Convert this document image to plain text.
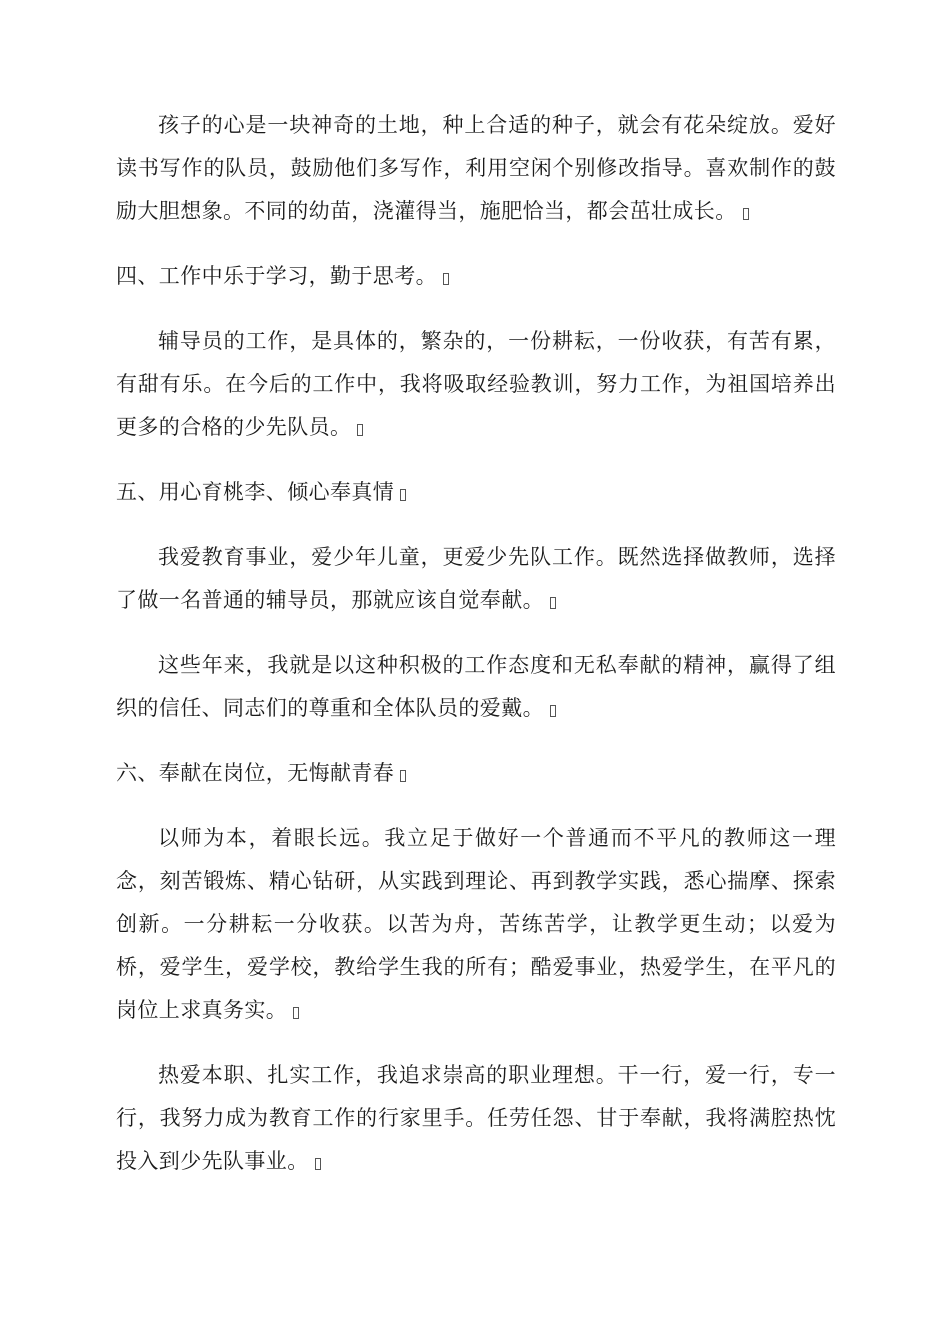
孩子的心是一块神奇的土地，种上合适的种子，就会有花朵绽放。爱好读书写作的队员，鼓励他们多写作，利用空闲个别修改指导。喜欢制作的鼓励大胆想象。不同的幼苗，浇灌得当，施肥恰当，都会茁壮成长。

四、工作中乐于学习，勤于思考。

辅导员的工作，是具体的，繁杂的，一份耕耘，一份收获，有苦有累，有甜有乐。在今后的工作中，我将吸取经验教训，努力工作，为祖国培养出更多的合格的少先队员。

五、用心育桃李、倾心奉真情

我爱教育事业，爱少年儿童，更爱少先队工作。既然选择做教师，选择了做一名普通的辅导员，那就应该自觉奉献。

这些年来，我就是以这种积极的工作态度和无私奉献的精神，赢得了组织的信任、同志们的尊重和全体队员的爱戴。

六、奉献在岗位，无悔献青春

以师为本，着眼长远。我立足于做好一个普通而不平凡的教师这一理念，刻苦锻炼、精心钻研，从实践到理论、再到教学实践，悉心揣摩、探索创新。一分耕耘一分收获。以苦为舟，苦练苦学，让教学更生动；以爱为桥，爱学生，爱学校，教给学生我的所有；酷爱事业，热爱学生，在平凡的岗位上求真务实。

热爱本职、扎实工作，我追求崇高的职业理想。干一行，爱一行，专一行，我努力成为教育工作的行家里手。任劳任怨、甘于奉献，我将满腔热忱投入到少先队事业。
